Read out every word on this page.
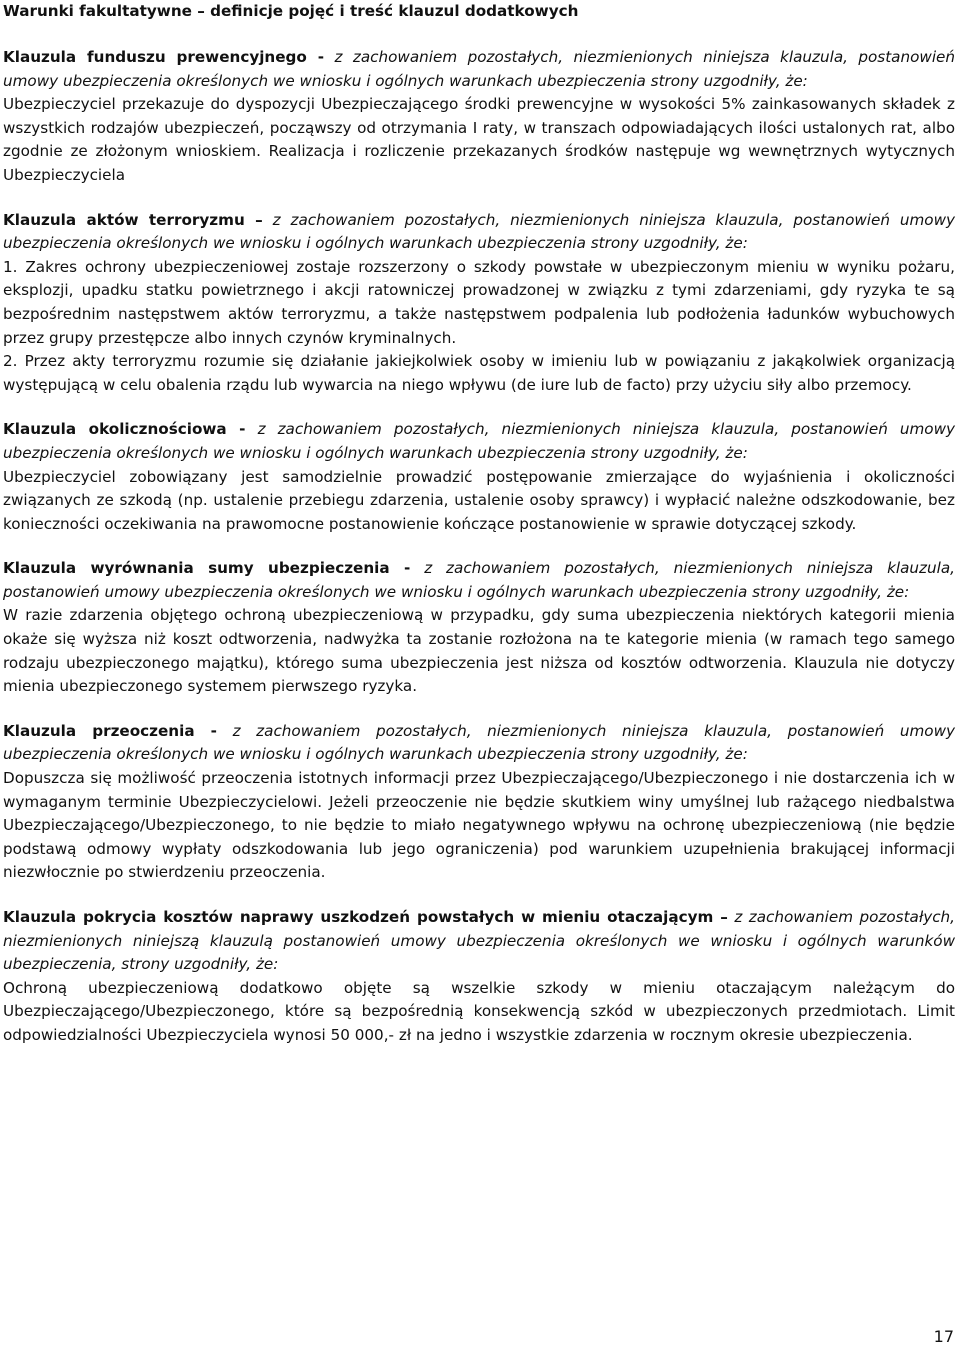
Warunki fakultatywne – definicje pojęć i treść klauzul dodatkowych

Klauzula funduszu prewencyjnego - z zachowaniem pozostałych, niezmienionych niniejsza klauzula, postanowień umowy ubezpieczenia określonych we wniosku i ogólnych warunkach ubezpieczenia strony uzgodniły, że:

Ubezpieczyciel przekazuje do dyspozycji Ubezpieczającego środki prewencyjne w wysokości 5% zainkasowanych składek z wszystkich rodzajów ubezpieczeń, począwszy od otrzymania I raty, w transzach odpowiadających ilości ustalonych rat, albo zgodnie ze złożonym wnioskiem. Realizacja i rozliczenie przekazanych środków następuje wg wewnętrznych wytycznych Ubezpieczyciela

Klauzula aktów terroryzmu – z zachowaniem pozostałych, niezmienionych niniejsza klauzula, postanowień umowy ubezpieczenia określonych we wniosku i ogólnych warunkach ubezpieczenia strony uzgodniły, że:

1. Zakres ochrony ubezpieczeniowej zostaje rozszerzony o szkody powstałe w ubezpieczonym mieniu w wyniku pożaru, eksplozji, upadku statku powietrznego i akcji ratowniczej prowadzonej w związku z tymi zdarzeniami, gdy ryzyka te są bezpośrednim następstwem aktów terroryzmu, a także następstwem podpalenia lub podłożenia ładunków wybuchowych przez grupy przestępcze albo innych czynów kryminalnych.

2. Przez akty terroryzmu rozumie się działanie jakiejkolwiek osoby w imieniu lub w powiązaniu z jakąkolwiek organizacją występującą w celu obalenia rządu lub wywarcia na niego wpływu (de iure lub de facto) przy użyciu siły albo przemocy.

Klauzula okolicznościowa - z zachowaniem pozostałych, niezmienionych niniejsza klauzula, postanowień umowy ubezpieczenia określonych we wniosku i ogólnych warunkach ubezpieczenia strony uzgodniły, że:

Ubezpieczyciel zobowiązany jest samodzielnie prowadzić postępowanie zmierzające do wyjaśnienia i okoliczności związanych ze szkodą (np. ustalenie przebiegu zdarzenia, ustalenie osoby sprawcy) i wypłacić należne odszkodowanie, bez konieczności oczekiwania na prawomocne postanowienie kończące postanowienie w sprawie dotyczącej szkody.

Klauzula wyrównania sumy ubezpieczenia - z zachowaniem pozostałych, niezmienionych niniejsza klauzula, postanowień umowy ubezpieczenia określonych we wniosku i ogólnych warunkach ubezpieczenia strony uzgodniły, że:

W razie zdarzenia objętego ochroną ubezpieczeniową w przypadku, gdy suma ubezpieczenia niektórych kategorii mienia okaże się wyższa niż koszt odtworzenia, nadwyżka ta zostanie rozłożona na te kategorie mienia (w ramach tego samego rodzaju ubezpieczonego majątku), którego suma ubezpieczenia jest niższa od kosztów odtworzenia. Klauzula nie dotyczy mienia ubezpieczonego systemem pierwszego ryzyka.

Klauzula przeoczenia - z zachowaniem pozostałych, niezmienionych niniejsza klauzula, postanowień umowy ubezpieczenia określonych we wniosku i ogólnych warunkach ubezpieczenia strony uzgodniły, że:

Dopuszcza się możliwość przeoczenia istotnych informacji przez Ubezpieczającego/Ubezpieczonego i nie dostarczenia ich w wymaganym terminie Ubezpieczycielowi. Jeżeli przeoczenie nie będzie skutkiem winy umyślnej lub rażącego niedbalstwa Ubezpieczającego/Ubezpieczonego, to nie będzie to miało negatywnego wpływu na ochronę ubezpieczeniową (nie będzie podstawą odmowy wypłaty odszkodowania lub jego ograniczenia) pod warunkiem uzupełnienia brakującej informacji niezwłocznie po stwierdzeniu przeoczenia.

Klauzula pokrycia kosztów naprawy uszkodzeń powstałych w mieniu otaczającym – z zachowaniem pozostałych, niezmienionych niniejszą klauzulą postanowień umowy ubezpieczenia określonych we wniosku i ogólnych warunków ubezpieczenia, strony uzgodniły, że:

Ochroną ubezpieczeniową dodatkowo objęte są wszelkie szkody w mieniu otaczającym należącym do Ubezpieczającego/Ubezpieczonego, które są bezpośrednią konsekwencją szkód w ubezpieczonych przedmiotach. Limit odpowiedzialności Ubezpieczyciela wynosi 50 000,- zł na jedno i wszystkie zdarzenia w rocznym okresie ubezpieczenia.

17
